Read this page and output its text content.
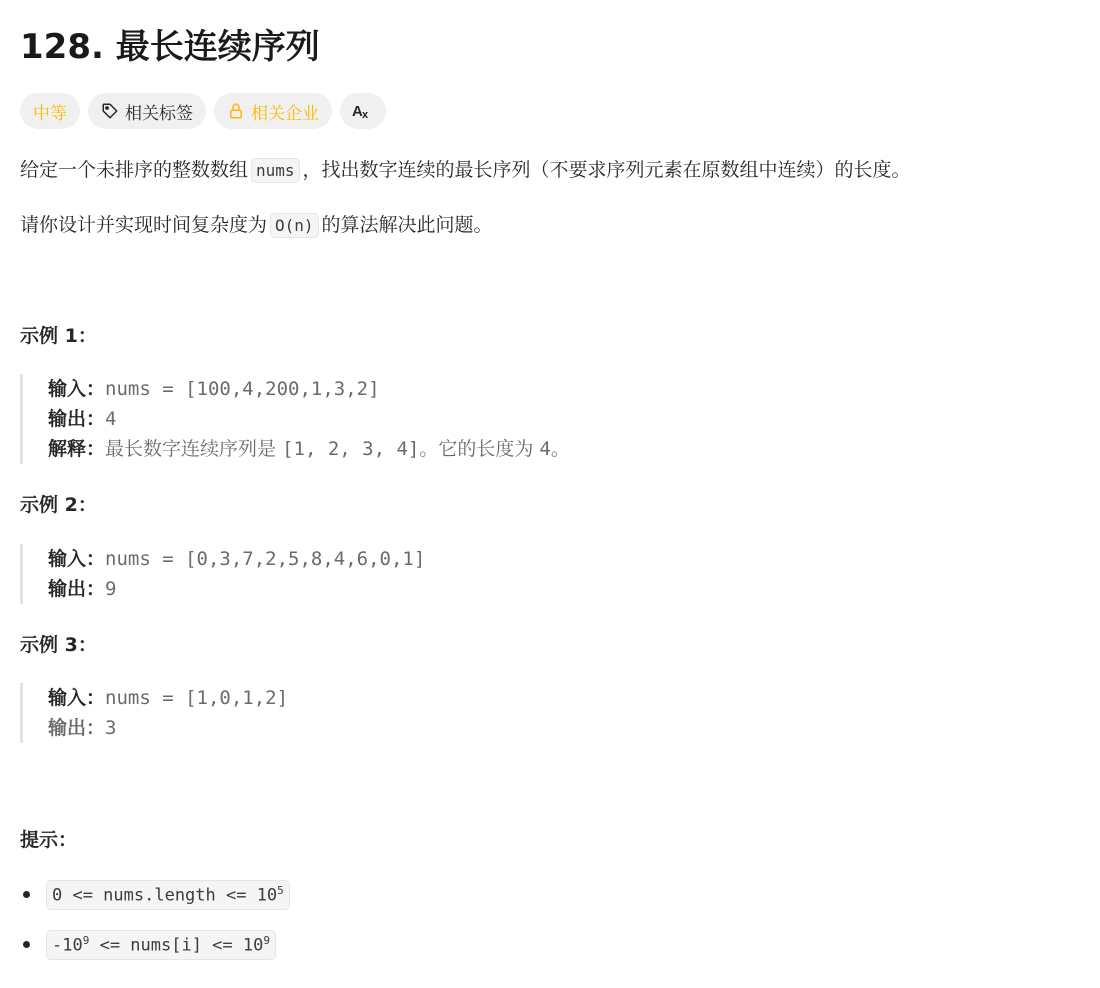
128. 最长连续序列
中等	相关标签	相关企业 A x
给定一个未排序的整数数组 nums ，找出数字连续的最长序列（不要求序列元素在原数组中连续）的长度。
请你设计并实现时间复杂度为 O(n) 的算法解决此问题。
示例 1：
输入：nums = [100,4,200,1,3,2]
输出：4
解释：最长数字连续序列是 [1, 2, 3, 4]。它的长度为 4。
示例 2：
输入：nums = [0,3,7,2,5,8,4,6,0,1]
输出：9
示例 3：
输入：nums = [1,0,1,2]
输出：3
提示：
0 <= nums.length <= $10^5$
$-10^9$ <= nums[i] <= $10^9$
